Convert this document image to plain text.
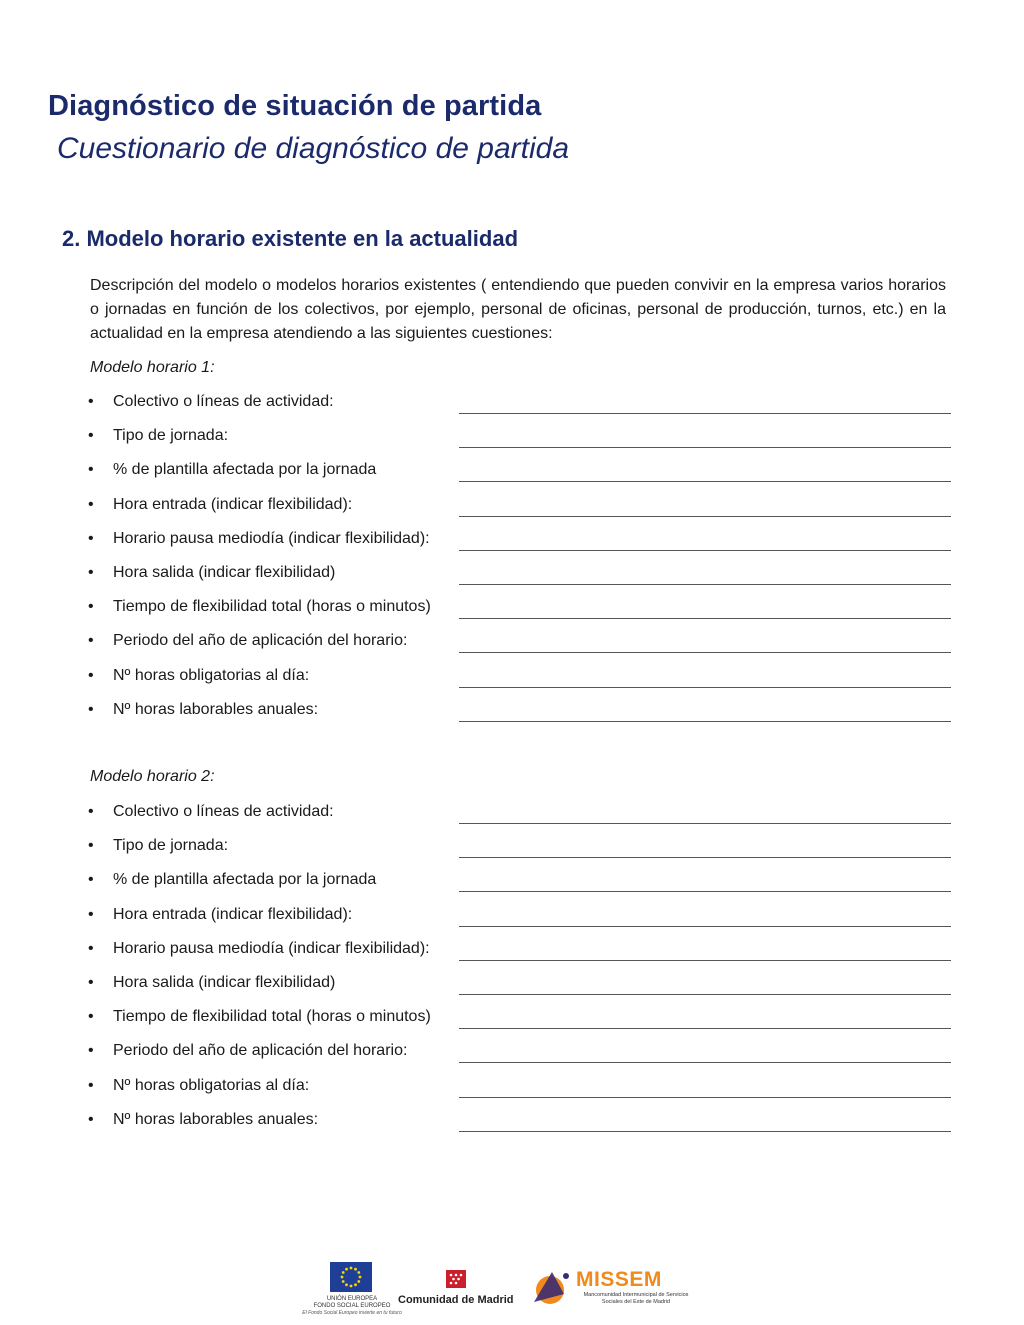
Diagnóstico de situación de partida
Cuestionario de diagnóstico de partida
2. Modelo horario existente en la actualidad

Descripción del modelo o modelos horarios existentes ( entendiendo que pueden convivir en la empresa varios horarios o jornadas en función de los colectivos, por ejemplo, personal de oficinas, personal de producción, turnos, etc.) en la actualidad en la empresa atendiendo a las siguientes cuestiones:

Modelo horario 1:
• Colectivo o líneas de actividad:
• Tipo de jornada:
• % de plantilla afectada por la jornada
• Hora entrada (indicar flexibilidad):
• Horario pausa mediodía (indicar flexibilidad):
• Hora salida (indicar flexibilidad)
• Tiempo de flexibilidad total (horas o minutos)
• Periodo del año de aplicación del horario:
• Nº horas obligatorias al día:
• Nº horas laborables anuales:
Modelo horario 2:
• Colectivo o líneas de actividad:
• Tipo de jornada:
• % de plantilla afectada por la jornada
• Hora entrada (indicar flexibilidad):
• Horario pausa mediodía (indicar flexibilidad):
• Hora salida (indicar flexibilidad)
• Tiempo de flexibilidad total (horas o minutos)
• Periodo del año de aplicación del horario:
• Nº horas obligatorias al día:
• Nº horas laborables anuales:
UNIÓN EUROPEA
FONDO SOCIAL EUROPEO
El Fondo Social Europeo invierte en tu futuro
Comunidad de Madrid
MISSEM
Mancomunidad Intermunicipal de Servicios Sociales del Este de Madrid
